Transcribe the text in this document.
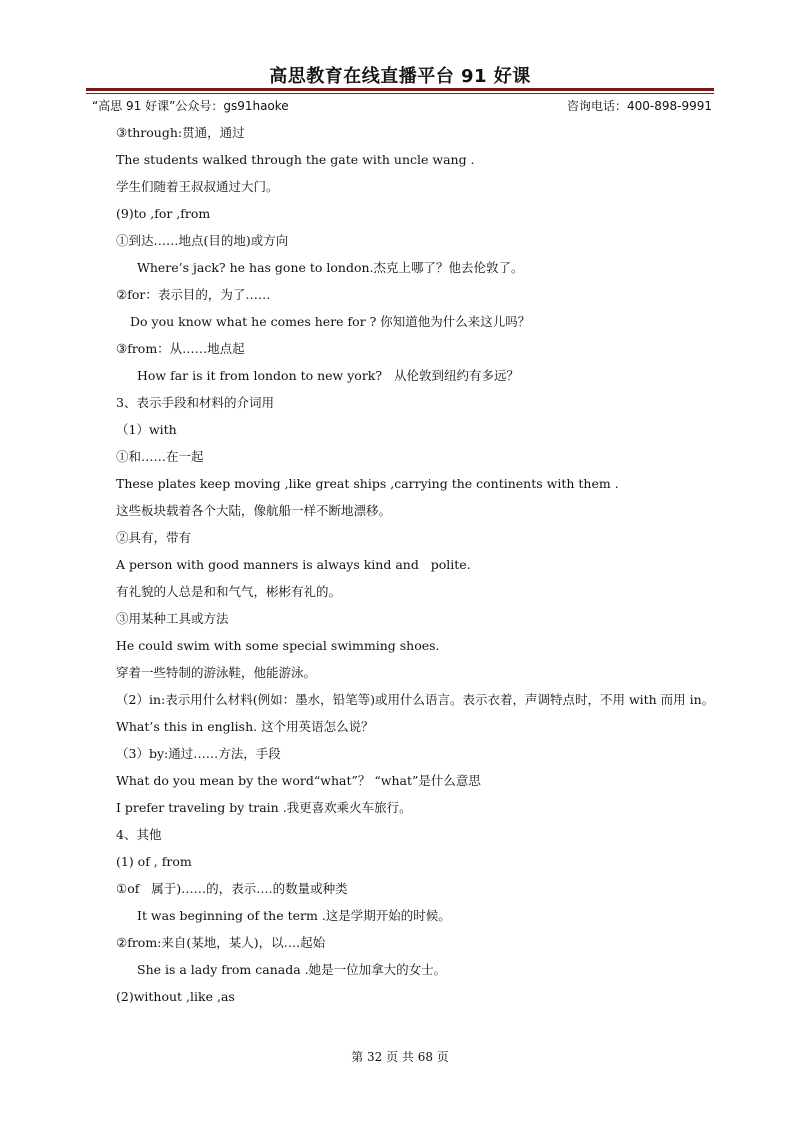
高思教育在线直播平台 91 好课
“高思 91 好课”公众号：gs91haoke	咨询电话：400-898-9991
③through:贯通，通过
The students walked through the gate with uncle wang .
学生们随着王叔叔通过大门。
(9)to ,for ,from
①到达……地点(目的地)或方向
Where’s jack? he has gone to london.杰克上哪了？他去伦敦了。
②for：表示目的，为了……
Do you know what he comes here for ? 你知道他为什么来这儿吗？
③from：从……地点起
How far is it from london to new york?   从伦敦到纽约有多远？
3、表示手段和材料的介词用
（1）with
①和……在一起
These plates keep moving ,like great ships ,carrying the continents with them .
这些板块载着各个大陆，像航船一样不断地漂移。
②具有，带有
A person with good manners is always kind and   polite.
有礼貌的人总是和和气气，彬彬有礼的。
③用某种工具或方法
He could swim with some special swimming shoes.
穿着一些特制的游泳鞋，他能游泳。
（2）in:表示用什么材料(例如：墨水，铅笔等)或用什么语言。表示衣着，声调特点时，不用 with 而用 in。
What’s this in english. 这个用英语怎么说？
（3）by:通过……方法，手段
What do you mean by the word“what”？ “what”是什么意思
I prefer traveling by train .我更喜欢乘火车旅行。
4、其他
(1) of , from
①of   属于)……的，表示….的数量或种类
It was beginning of the term .这是学期开始的时候。
②from:来自(某地，某人)，以….起始
She is a lady from canada .她是一位加拿大的女士。
(2)without ,like ,as
第 32 页 共 68 页
